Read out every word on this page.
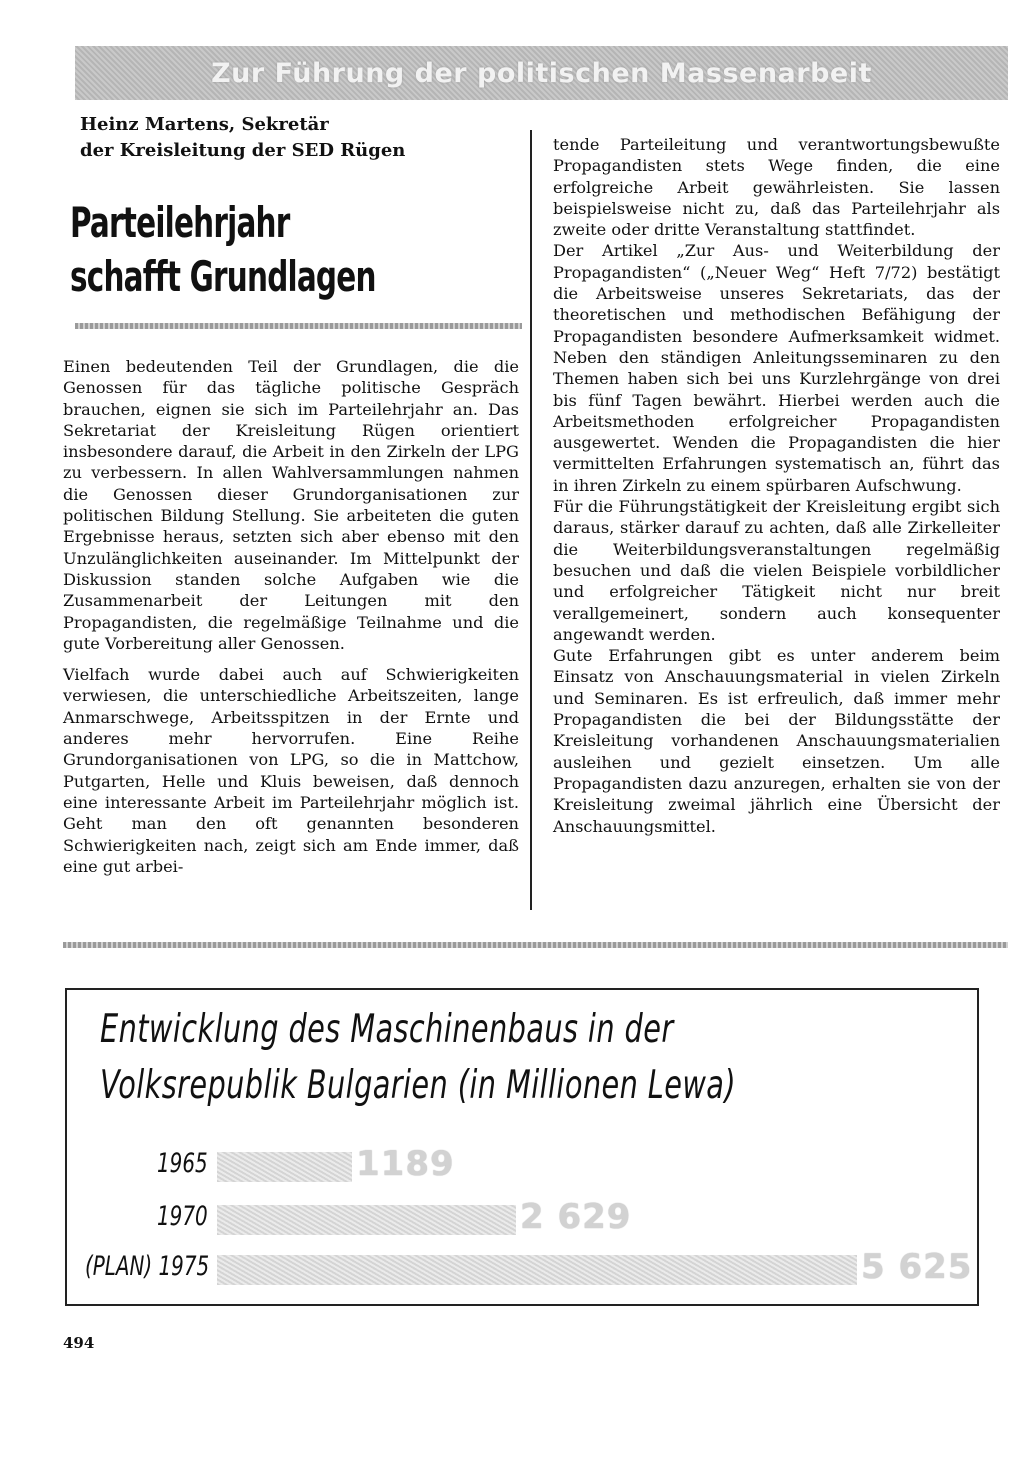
Zur Führung der politischen Massenarbeit
Heinz Martens, Sekretär
der Kreisleitung der SED Rügen
Parteilehrjahr
schafft Grundlagen

Einen bedeutenden Teil der Grundlagen, die die Genossen für das tägliche politische Gespräch brauchen, eignen sie sich im Parteilehrjahr an. Das Sekretariat der Kreisleitung Rügen orientiert insbesondere darauf, die Arbeit in den Zirkeln der LPG zu verbessern. In allen Wahlversammlungen nahmen die Genossen dieser Grundorganisationen zur politischen Bildung Stellung. Sie arbeiteten die guten Ergebnisse heraus, setzten sich aber ebenso mit den Unzulänglichkeiten auseinander. Im Mittelpunkt der Diskussion standen solche Aufgaben wie die Zusammenarbeit der Leitungen mit den Propagandisten, die regelmäßige Teilnahme und die gute Vorbereitung aller Genossen.

Vielfach wurde dabei auch auf Schwierigkeiten verwiesen, die unterschiedliche Arbeitszeiten, lange Anmarschwege, Arbeitsspitzen in der Ernte und anderes mehr hervorrufen. Eine Reihe Grundorganisationen von LPG, so die in Mattchow, Putgarten, Helle und Kluis beweisen, daß dennoch eine interessante Arbeit im Parteilehrjahr möglich ist. Geht man den oft genannten besonderen Schwierigkeiten nach, zeigt sich am Ende immer, daß eine gut arbei-

tende Parteileitung und verantwortungsbewußte Propagandisten stets Wege finden, die eine erfolgreiche Arbeit gewährleisten. Sie lassen beispielsweise nicht zu, daß das Parteilehrjahr als zweite oder dritte Veranstaltung stattfindet.

Der Artikel „Zur Aus- und Weiterbildung der Propagandisten“ („Neuer Weg“ Heft 7/72) bestätigt die Arbeitsweise unseres Sekretariats, das der theoretischen und methodischen Befähigung der Propagandisten besondere Aufmerksamkeit widmet. Neben den ständigen Anleitungsseminaren zu den Themen haben sich bei uns Kurzlehrgänge von drei bis fünf Tagen bewährt. Hierbei werden auch die Arbeitsmethoden erfolgreicher Propagandisten ausgewertet. Wenden die Propagandisten die hier vermittelten Erfahrungen systematisch an, führt das in ihren Zirkeln zu einem spürbaren Aufschwung.

Für die Führungstätigkeit der Kreisleitung ergibt sich daraus, stärker darauf zu achten, daß alle Zirkelleiter die Weiterbildungsveranstaltungen regelmäßig besuchen und daß die vielen Beispiele vorbildlicher und erfolgreicher Tätigkeit nicht nur breit verallgemeinert, sondern auch konsequenter angewandt werden.

Gute Erfahrungen gibt es unter anderem beim Einsatz von Anschauungsmaterial in vielen Zirkeln und Seminaren. Es ist erfreulich, daß immer mehr Propagandisten die bei der Bildungsstätte der Kreisleitung vorhandenen Anschauungsmaterialien ausleihen und gezielt einsetzen. Um alle Propagandisten dazu anzuregen, erhalten sie von der Kreisleitung zweimal jährlich eine Übersicht der Anschauungsmittel.

Entwicklung des Maschinenbaus in der
Volksrepublik Bulgarien (in Millionen Lewa)
1965	1189
1970	2 629
(PLAN) 1975	5 625
494
